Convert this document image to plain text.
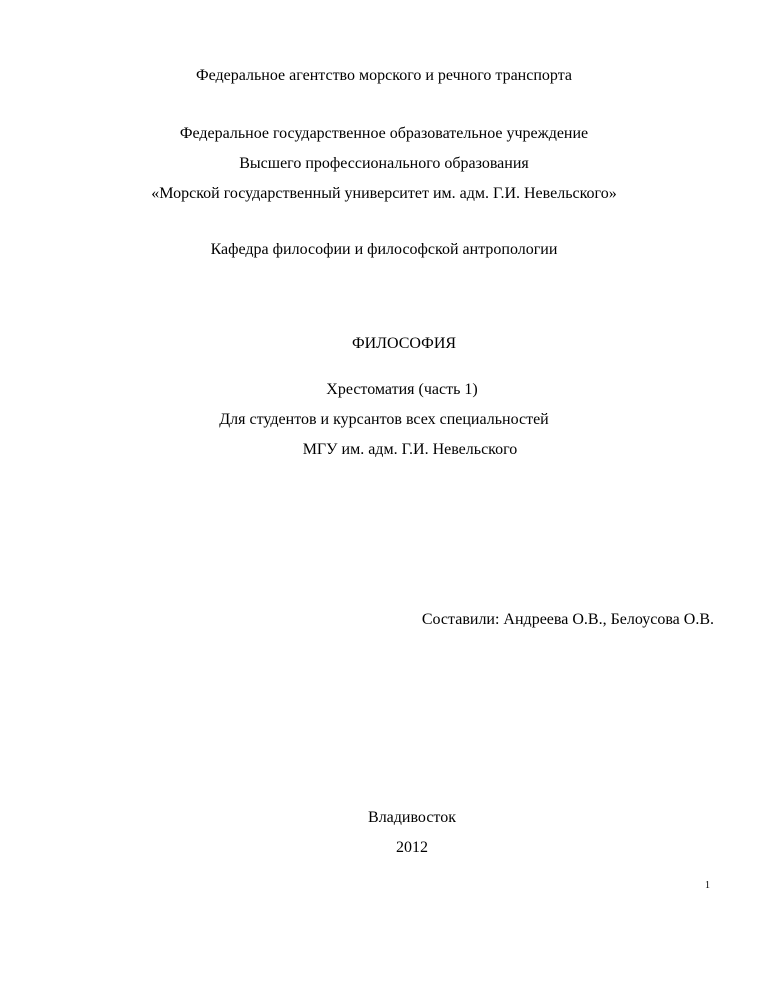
Федеральное агентство морского и речного транспорта
Федеральное государственное образовательное учреждение
Высшего профессионального образования
«Морской государственный университет им. адм. Г.И. Невельского»
Кафедра философии и философской антропологии
ФИЛОСОФИЯ
Хрестоматия (часть 1)
Для студентов и курсантов всех специальностей
МГУ им. адм. Г.И. Невельского
Составили: Андреева О.В., Белоусова О.В.
Владивосток
2012
1
